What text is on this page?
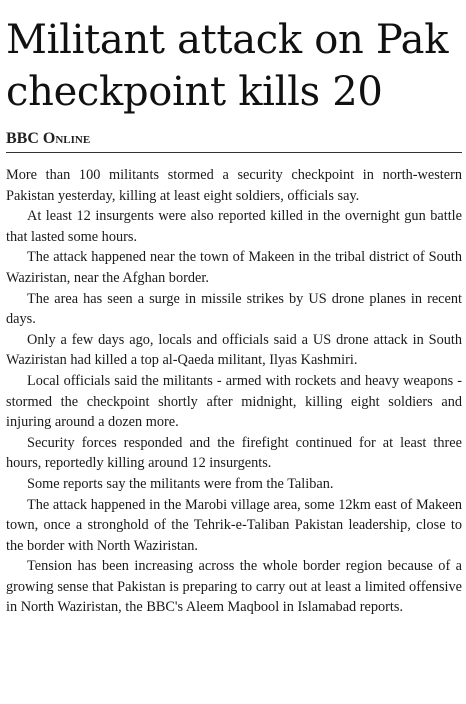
Militant attack on Pak checkpoint kills 20
BBC Online

More than 100 militants stormed a security checkpoint in north-western Pakistan yesterday, killing at least eight soldiers, officials say.

At least 12 insurgents were also reported killed in the overnight gun battle that lasted some hours.

The attack happened near the town of Makeen in the tribal district of South Waziristan, near the Afghan border.

The area has seen a surge in missile strikes by US drone planes in recent days.

Only a few days ago, locals and officials said a US drone attack in South Waziristan had killed a top al-Qaeda militant, Ilyas Kashmiri.

Local officials said the militants - armed with rockets and heavy weapons - stormed the checkpoint shortly after midnight, killing eight soldiers and injuring around a dozen more.

Security forces responded and the firefight continued for at least three hours, reportedly killing around 12 insurgents.

Some reports say the militants were from the Taliban.

The attack happened in the Marobi village area, some 12km east of Makeen town, once a stronghold of the Tehrik-e-Taliban Pakistan leadership, close to the border with North Waziristan.

Tension has been increasing across the whole border region because of a growing sense that Pakistan is preparing to carry out at least a limited offensive in North Waziristan, the BBC's Aleem Maqbool in Islamabad reports.
